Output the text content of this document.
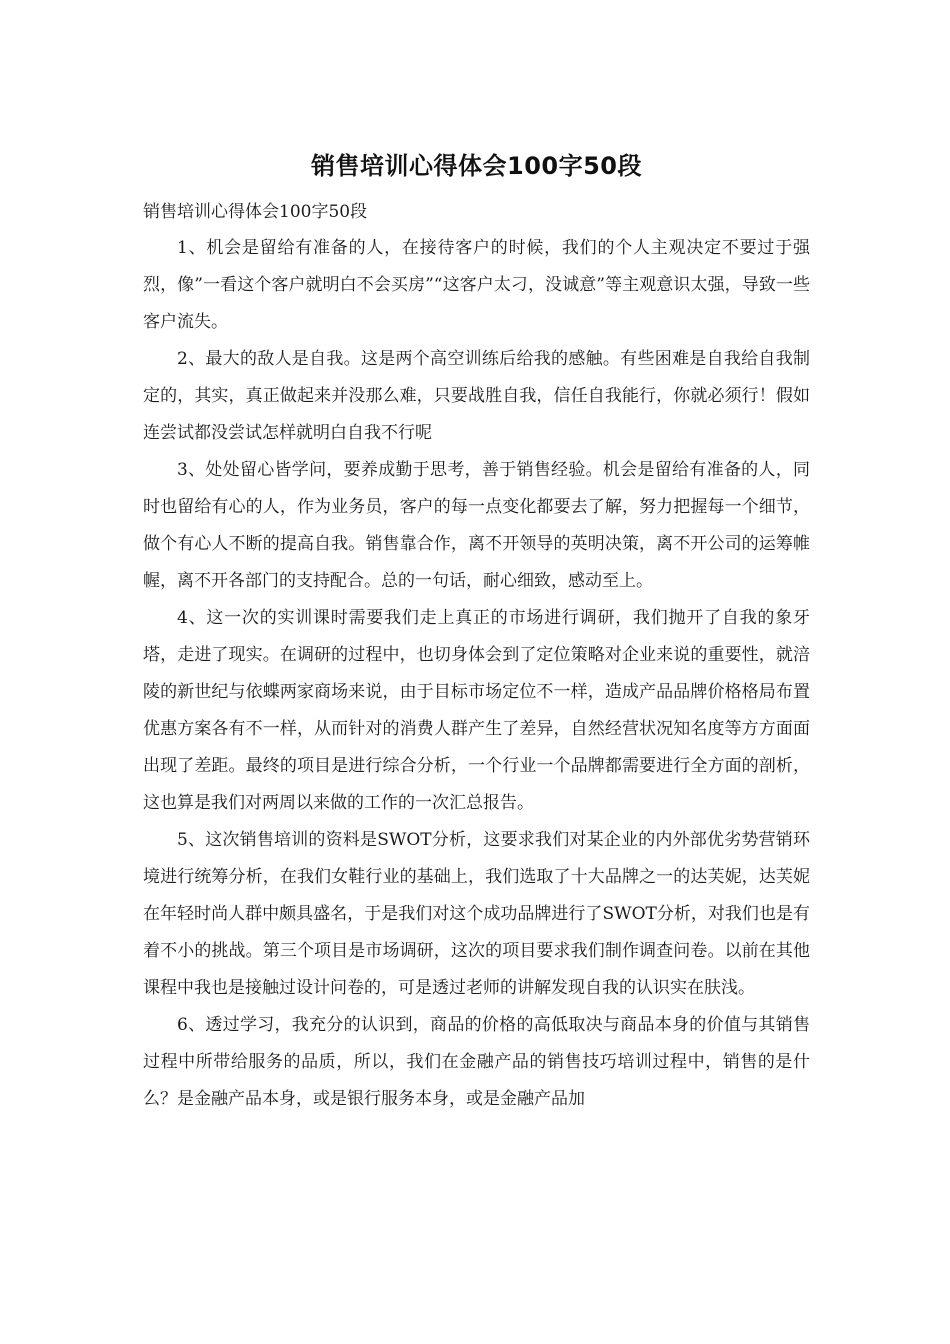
销售培训心得体会100字50段

销售培训心得体会100字50段

1、机会是留给有准备的人，在接待客户的时候，我们的个人主观决定不要过于强烈，像”一看这个客户就明白不会买房”“这客户太刁，没诚意”等主观意识太强，导致一些客户流失。

2、最大的敌人是自我。这是两个高空训练后给我的感触。有些困难是自我给自我制定的，其实，真正做起来并没那么难，只要战胜自我，信任自我能行，你就必须行！假如连尝试都没尝试怎样就明白自我不行呢

3、处处留心皆学问，要养成勤于思考，善于销售经验。机会是留给有准备的人，同时也留给有心的人，作为业务员，客户的每一点变化都要去了解，努力把握每一个细节，做个有心人不断的提高自我。销售靠合作，离不开领导的英明决策，离不开公司的运筹帷幄，离不开各部门的支持配合。总的一句话，耐心细致，感动至上。

4、这一次的实训课时需要我们走上真正的市场进行调研，我们抛开了自我的象牙塔，走进了现实。在调研的过程中，也切身体会到了定位策略对企业来说的重要性，就涪陵的新世纪与依蝶两家商场来说，由于目标市场定位不一样，造成产品品牌价格格局布置优惠方案各有不一样，从而针对的消费人群产生了差异，自然经营状况知名度等方方面面出现了差距。最终的项目是进行综合分析，一个行业一个品牌都需要进行全方面的剖析，这也算是我们对两周以来做的工作的一次汇总报告。

5、这次销售培训的资料是SWOT分析，这要求我们对某企业的内外部优劣势营销环境进行统筹分析，在我们女鞋行业的基础上，我们选取了十大品牌之一的达芙妮，达芙妮在年轻时尚人群中颇具盛名，于是我们对这个成功品牌进行了SWOT分析，对我们也是有着不小的挑战。第三个项目是市场调研，这次的项目要求我们制作调查问卷。以前在其他课程中我也是接触过设计问卷的，可是透过老师的讲解发现自我的认识实在肤浅。

6、透过学习，我充分的认识到，商品的价格的高低取决与商品本身的价值与其销售过程中所带给服务的品质，所以，我们在金融产品的销售技巧培训过程中，销售的是什么？是金融产品本身，或是银行服务本身，或是金融产品加
